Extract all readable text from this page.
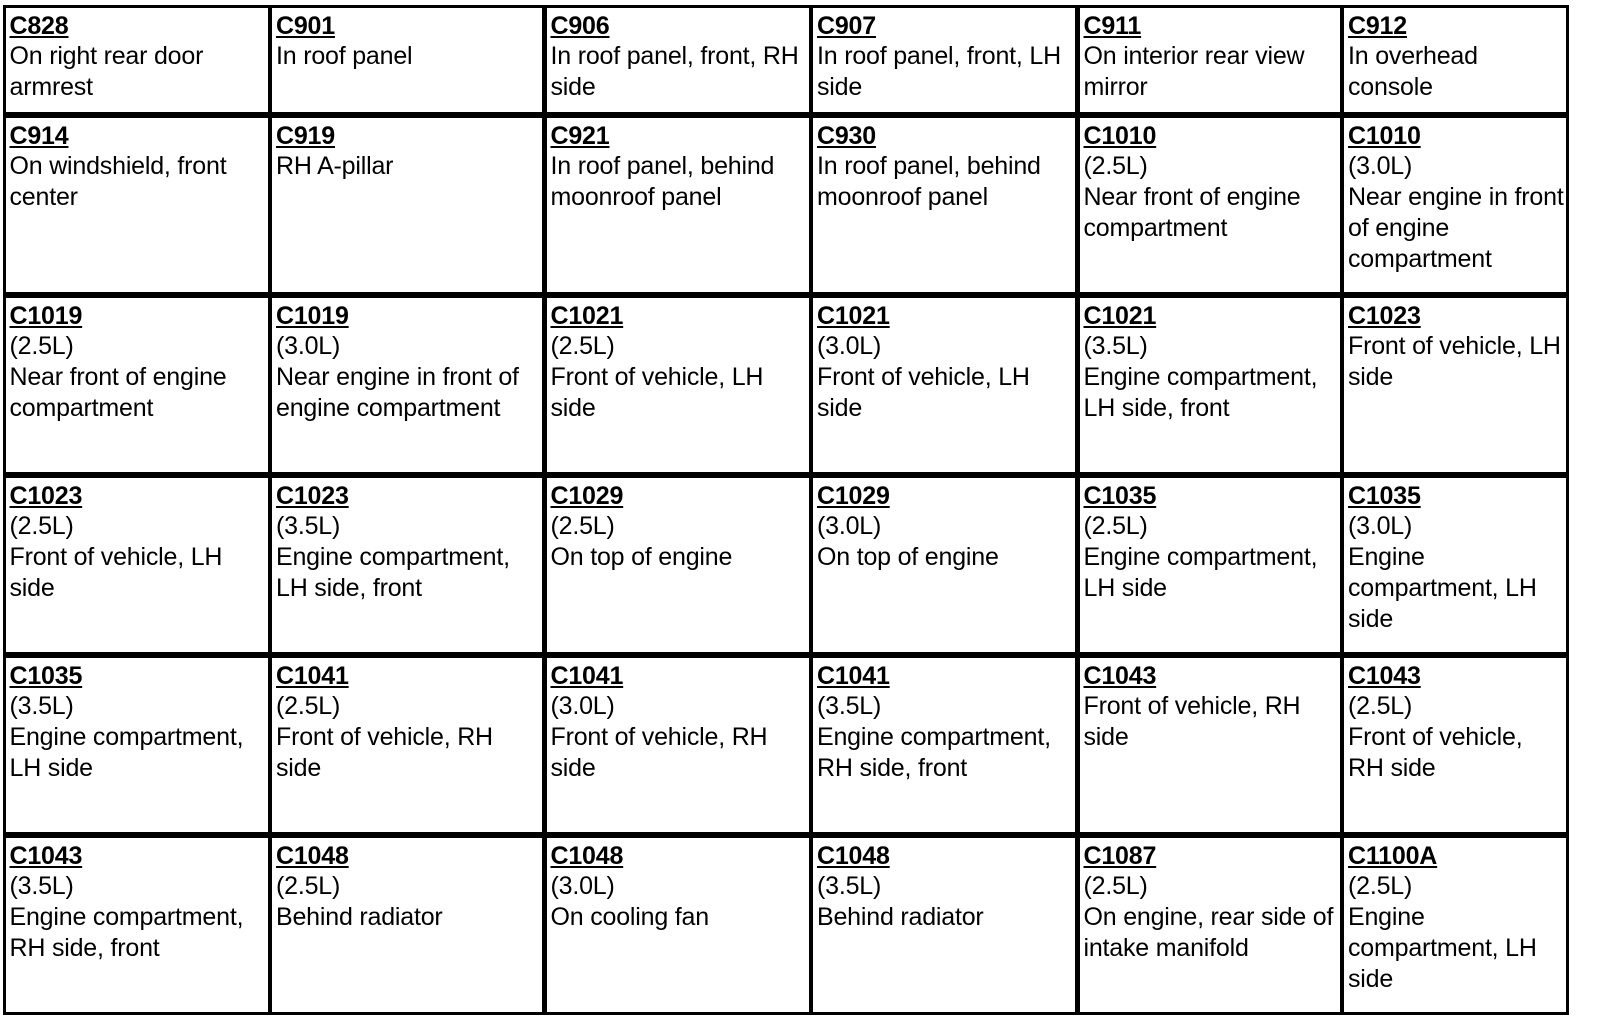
C828
On right rear door armrest
C901
In roof panel
C906
In roof panel, front, RH side
C907
In roof panel, front, LH side
C911
On interior rear view mirror
C912
In overhead console
C914
On windshield, front center
C919
RH A-pillar
C921
In roof panel, behind moonroof panel
C930
In roof panel, behind moonroof panel
C1010
(2.5L)
Near front of engine compartment
C1010
(3.0L)
Near engine in front of engine compartment
C1019
(2.5L)
Near front of engine compartment
C1019
(3.0L)
Near engine in front of engine compartment
C1021
(2.5L)
Front of vehicle, LH side
C1021
(3.0L)
Front of vehicle, LH side
C1021
(3.5L)
Engine compartment, LH side, front
C1023
Front of vehicle, LH side
C1023
(2.5L)
Front of vehicle, LH side
C1023
(3.5L)
Engine compartment, LH side, front
C1029
(2.5L)
On top of engine
C1029
(3.0L)
On top of engine
C1035
(2.5L)
Engine compartment, LH side
C1035
(3.0L)
Engine compartment, LH side
C1035
(3.5L)
Engine compartment, LH side
C1041
(2.5L)
Front of vehicle, RH side
C1041
(3.0L)
Front of vehicle, RH side
C1041
(3.5L)
Engine compartment, RH side, front
C1043
Front of vehicle, RH side
C1043
(2.5L)
Front of vehicle, RH side
C1043
(3.5L)
Engine compartment, RH side, front
C1048
(2.5L)
Behind radiator
C1048
(3.0L)
On cooling fan
C1048
(3.5L)
Behind radiator
C1087
(2.5L)
On engine, rear side of intake manifold
C1100A
(2.5L)
Engine compartment, LH side
